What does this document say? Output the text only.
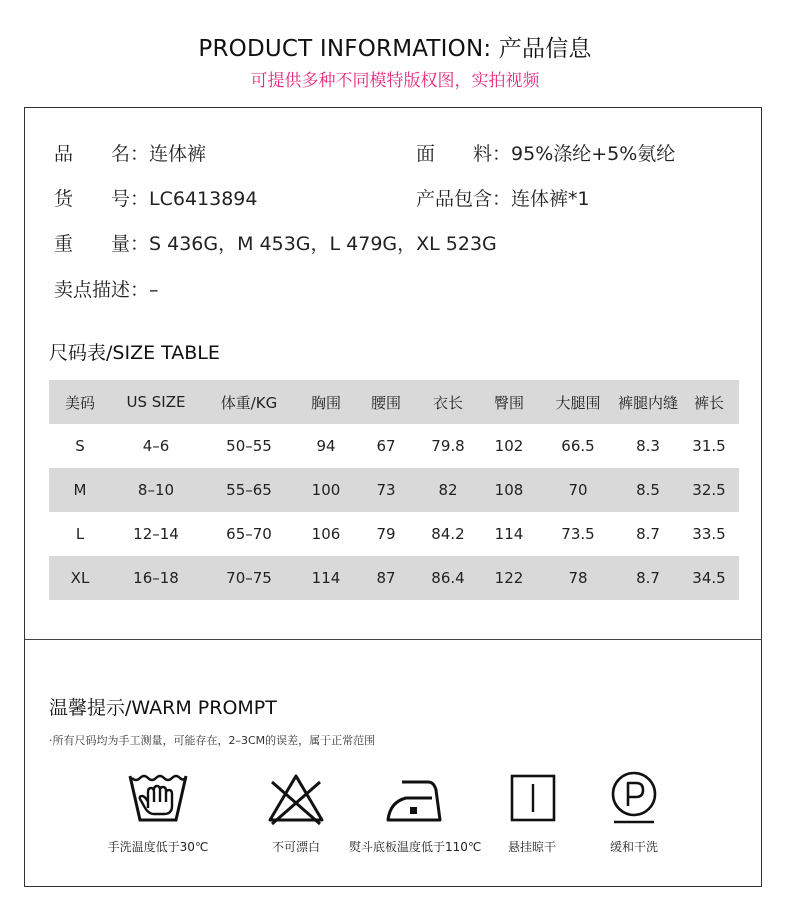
PRODUCT INFORMATION: 产品信息
可提供多种不同模特版权图，实拍视频
品　　名：连体裤	面　　料：95%涤纶+5%氨纶
货　　号：LC6413894	产品包含：连体裤*1
重　　量：S 436G，M 453G，L 479G，XL 523G
卖点描述：–
尺码表/SIZE TABLE
美码	US SIZE	体重/KG	胸围	腰围	衣长	臀围	大腿围	裤腿内缝	裤长
S	4–6	50–55	94	67	79.8	102	66.5	8.3	31.5
M	8–10	55–65	100	73	82	108	70	8.5	32.5
L	12–14	65–70	106	79	84.2	114	73.5	8.7	33.5
XL	16–18	70–75	114	87	86.4	122	78	8.7	34.5
温馨提示/WARM PROMPT
·所有尺码均为手工测量，可能存在，2–3CM的误差，属于正常范围
手洗温度低于30℃	不可漂白	熨斗底板温度低于110℃	悬挂晾干	缓和干洗
